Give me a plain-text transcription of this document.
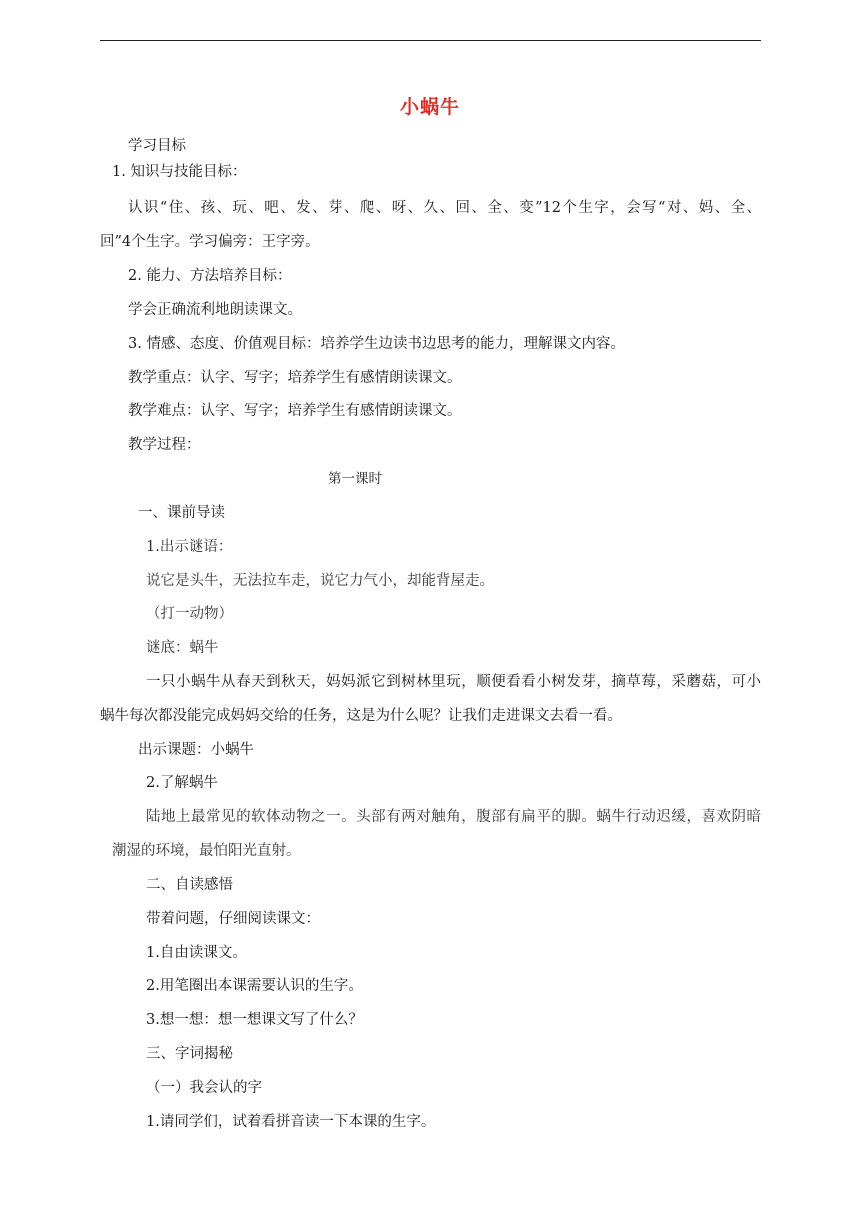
小蜗牛
学习目标
1. 知识与技能目标：
认识“住、孩、玩、吧、发、芽、爬、呀、久、回、全、变”12个生字，会写“对、妈、全、
回”4个生字。学习偏旁：王字旁。
2. 能力、方法培养目标：
学会正确流利地朗读课文。
3. 情感、态度、价值观目标：培养学生边读书边思考的能力，理解课文内容。
教学重点：认字、写字；培养学生有感情朗读课文。
教学难点：认字、写字；培养学生有感情朗读课文。
教学过程：
第一课时
一、课前导读
1.出示谜语：
说它是头牛，无法拉车走，说它力气小，却能背屋走。
（打一动物）
谜底：蜗牛
一只小蜗牛从春天到秋天，妈妈派它到树林里玩，顺便看看小树发芽，摘草莓，采蘑菇，可小
蜗牛每次都没能完成妈妈交给的任务，这是为什么呢？让我们走进课文去看一看。
出示课题：小蜗牛
2.了解蜗牛
陆地上最常见的软体动物之一。头部有两对触角，腹部有扁平的脚。蜗牛行动迟缓，喜欢阴暗
潮湿的环境，最怕阳光直射。
二、自读感悟
带着问题，仔细阅读课文：
1.自由读课文。
2.用笔圈出本课需要认识的生字。
3.想一想：想一想课文写了什么？
三、字词揭秘
（一）我会认的字
1.请同学们，试着看拼音读一下本课的生字。
